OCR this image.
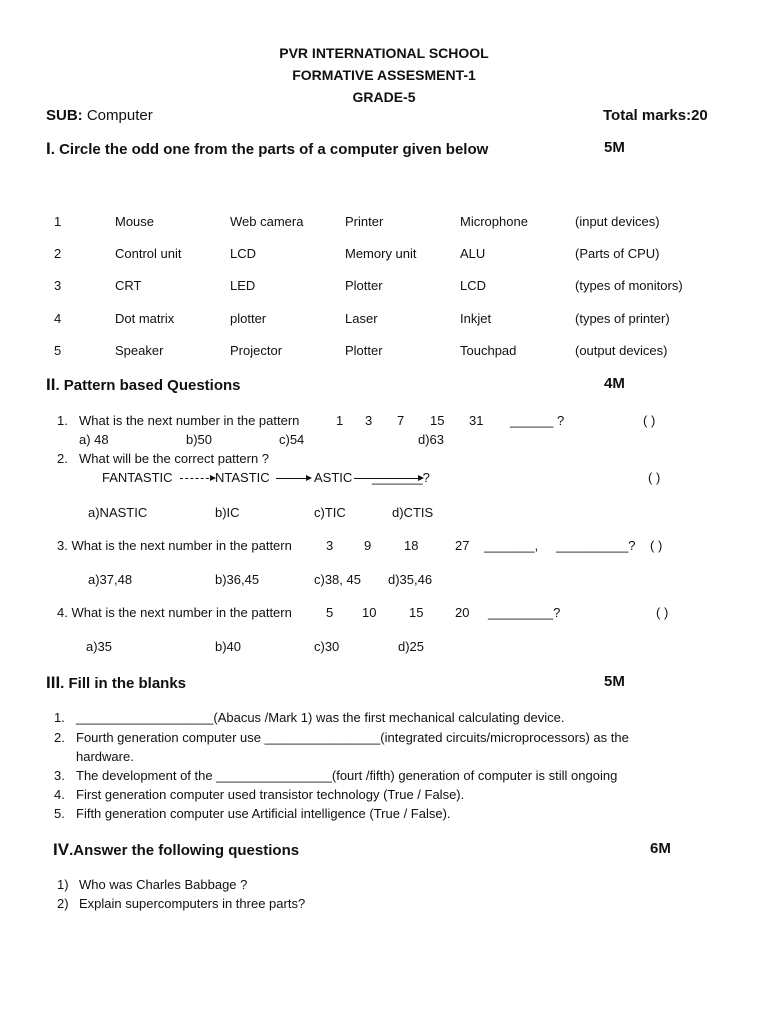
PVR INTERNATIONAL SCHOOL
FORMATIVE ASSESMENT-1
GRADE-5
SUB: Computer	Total marks:20
I. Circle the odd one from the parts of a computer given below	5M
1	Mouse	Web camera	Printer	Microphone	(input devices)
2	Control unit	LCD	Memory unit	ALU	(Parts of CPU)
3	CRT	LED	Plotter	LCD	(types of monitors)
4	Dot matrix	plotter	Laser	Inkjet	(types of printer)
5	Speaker	Projector	Plotter	Touchpad	(output devices)
II. Pattern based Questions	4M
1. What is the next number in the pattern	1 3 7 15 31 ______ ?	( )
a) 48	b)50	c)54	d)63
2. What will be the correct pattern ?
FANTASTIC	NTASTIC	ASTIC _______?	( )
a)NASTIC	b)IC	c)TIC	d)CTIS
3. What is the next number in the pattern	3 9	18	27 _______, __________? ( )
a)37,48	b)36,45	c)38, 45 d)35,46
4. What is the next number in the pattern	5 10	15 20 _________?	( )
a)35	b)40	c)30	d)25
III. Fill in the blanks	5M
1. ___________________(Abacus /Mark 1) was the first mechanical calculating device.
2. Fourth generation computer use ________________(integrated circuits/microprocessors) as the
hardware.
3. The development of the ________________(fourt /fifth) generation of computer is still ongoing
4. First generation computer used transistor technology (True / False).
5. Fifth generation computer use Artificial intelligence (True / False).
IV.Answer the following questions	6M
1) Who was Charles Babbage ?
2) Explain supercomputers in three parts?
